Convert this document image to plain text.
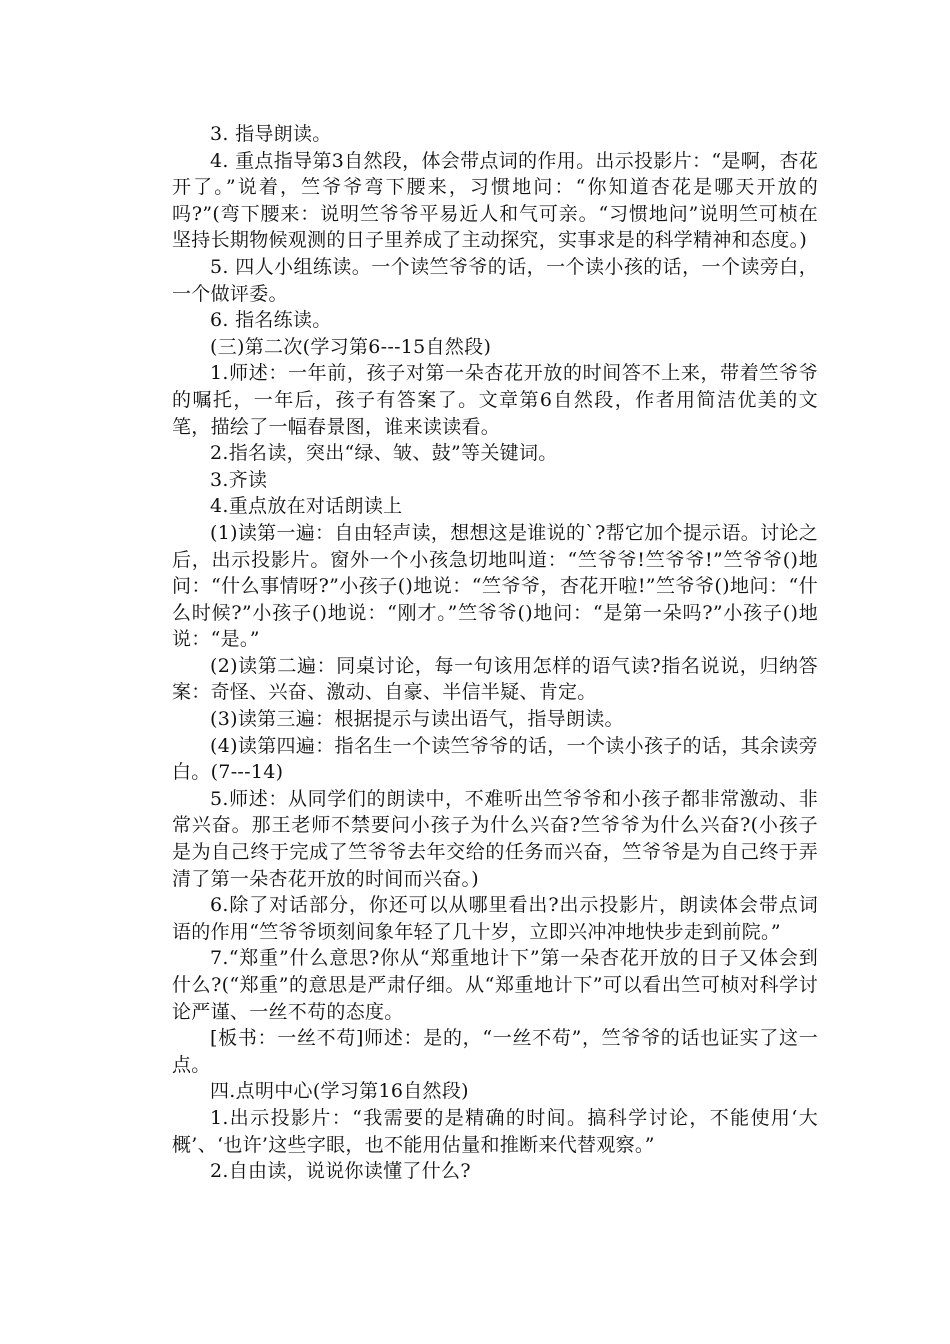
3. 指导朗读。

4. 重点指导第3自然段，体会带点词的作用。出示投影片：“是啊，杏花开了。”说着，竺爷爷弯下腰来，习惯地问：“你知道杏花是哪天开放的吗?”(弯下腰来：说明竺爷爷平易近人和气可亲。“习惯地问”说明竺可桢在坚持长期物候观测的日子里养成了主动探究，实事求是的科学精神和态度。)

5. 四人小组练读。一个读竺爷爷的话，一个读小孩的话，一个读旁白，一个做评委。

6. 指名练读。

(三)第二次(学习第6---15自然段)

1.师述：一年前，孩子对第一朵杏花开放的时间答不上来，带着竺爷爷的嘱托，一年后，孩子有答案了。文章第6自然段，作者用简洁优美的文笔，描绘了一幅春景图，谁来读读看。

2.指名读，突出“绿、皱、鼓”等关键词。

3.齐读

4.重点放在对话朗读上

(1)读第一遍：自由轻声读，想想这是谁说的`?帮它加个提示语。讨论之后，出示投影片。窗外一个小孩急切地叫道：“竺爷爷!竺爷爷!”竺爷爷()地问：“什么事情呀?”小孩子()地说：“竺爷爷，杏花开啦!”竺爷爷()地问：“什么时候?”小孩子()地说：“刚才。”竺爷爷()地问：“是第一朵吗?”小孩子()地说：“是。”

(2)读第二遍：同桌讨论，每一句该用怎样的语气读?指名说说，归纳答案：奇怪、兴奋、激动、自豪、半信半疑、肯定。

(3)读第三遍：根据提示与读出语气，指导朗读。

(4)读第四遍：指名生一个读竺爷爷的话，一个读小孩子的话，其余读旁白。(7---14)

5.师述：从同学们的朗读中，不难听出竺爷爷和小孩子都非常激动、非常兴奋。那王老师不禁要问小孩子为什么兴奋?竺爷爷为什么兴奋?(小孩子是为自己终于完成了竺爷爷去年交给的任务而兴奋，竺爷爷是为自己终于弄清了第一朵杏花开放的时间而兴奋。)

6.除了对话部分，你还可以从哪里看出?出示投影片，朗读体会带点词语的作用“竺爷爷顷刻间象年轻了几十岁，立即兴冲冲地快步走到前院。”

7.“郑重”什么意思?你从“郑重地计下”第一朵杏花开放的日子又体会到什么?(“郑重”的意思是严肃仔细。从“郑重地计下”可以看出竺可桢对科学讨论严谨、一丝不苟的态度。

[板书：一丝不苟]师述：是的，“一丝不苟”，竺爷爷的话也证实了这一点。

四.点明中心(学习第16自然段)

1.出示投影片：“我需要的是精确的时间。搞科学讨论，不能使用‘大概’、‘也许’这些字眼，也不能用估量和推断来代替观察。”

2.自由读，说说你读懂了什么?
